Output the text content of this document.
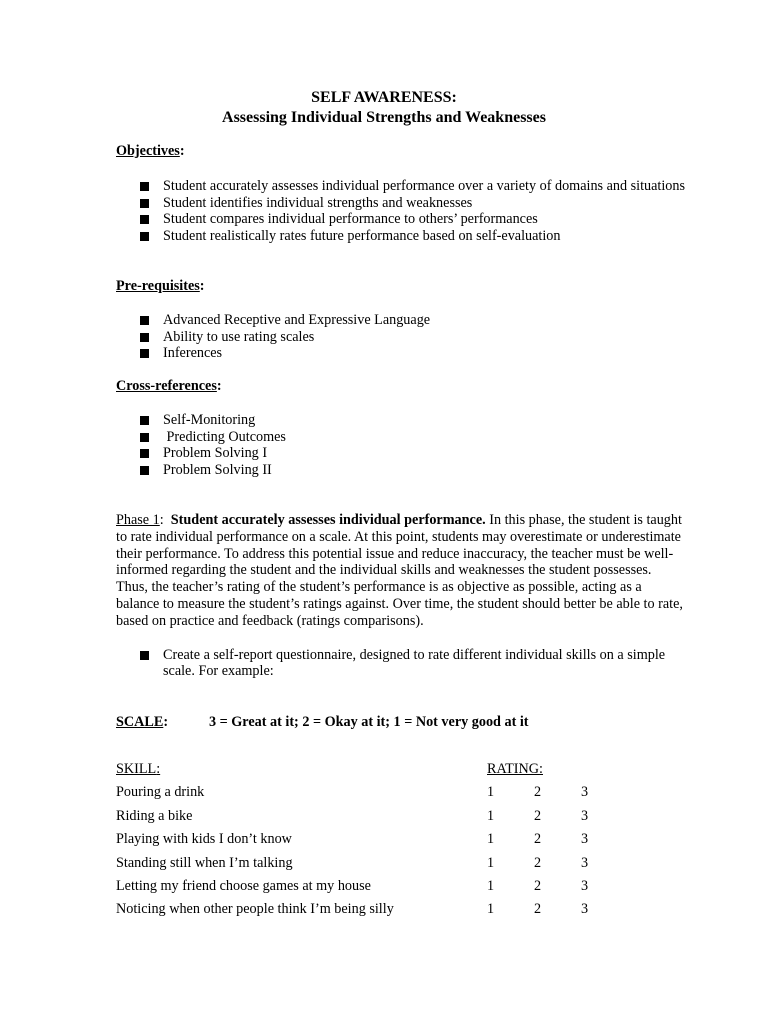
SELF AWARENESS:

Assessing Individual Strengths and Weaknesses

Objectives:

Student accurately assesses individual performance over a variety of domains and situations
Student identifies individual strengths and weaknesses
Student compares individual performance to others’ performances
Student realistically rates future performance based on self-evaluation

Pre-requisites:

Advanced Receptive and Expressive Language
Ability to use rating scales
Inferences

Cross-references:

Self-Monitoring
Predicting Outcomes
Problem Solving I
Problem Solving II

Phase 1:  Student accurately assesses individual performance. In this phase, the student is taught to rate individual performance on a scale. At this point, students may overestimate or underestimate their performance. To address this potential issue and reduce inaccuracy, the teacher must be well-informed regarding the student and the individual skills and weaknesses the student possesses. Thus, the teacher’s rating of the student’s performance is as objective as possible, acting as a balance to measure the student’s ratings against. Over time, the student should better be able to rate, based on practice and feedback (ratings comparisons).

Create a self-report questionnaire, designed to rate different individual skills on a simple scale. For example:
SCALE:	3 = Great at it; 2 = Okay at it; 1 = Not very good at it
SKILL:	RATING:
Pouring a drink	1	2	3
Riding a bike	1	2	3
Playing with kids I don’t know	1	2	3
Standing still when I’m talking	1	2	3
Letting my friend choose games at my house	1	2	3
Noticing when other people think I’m being silly	1	2	3
